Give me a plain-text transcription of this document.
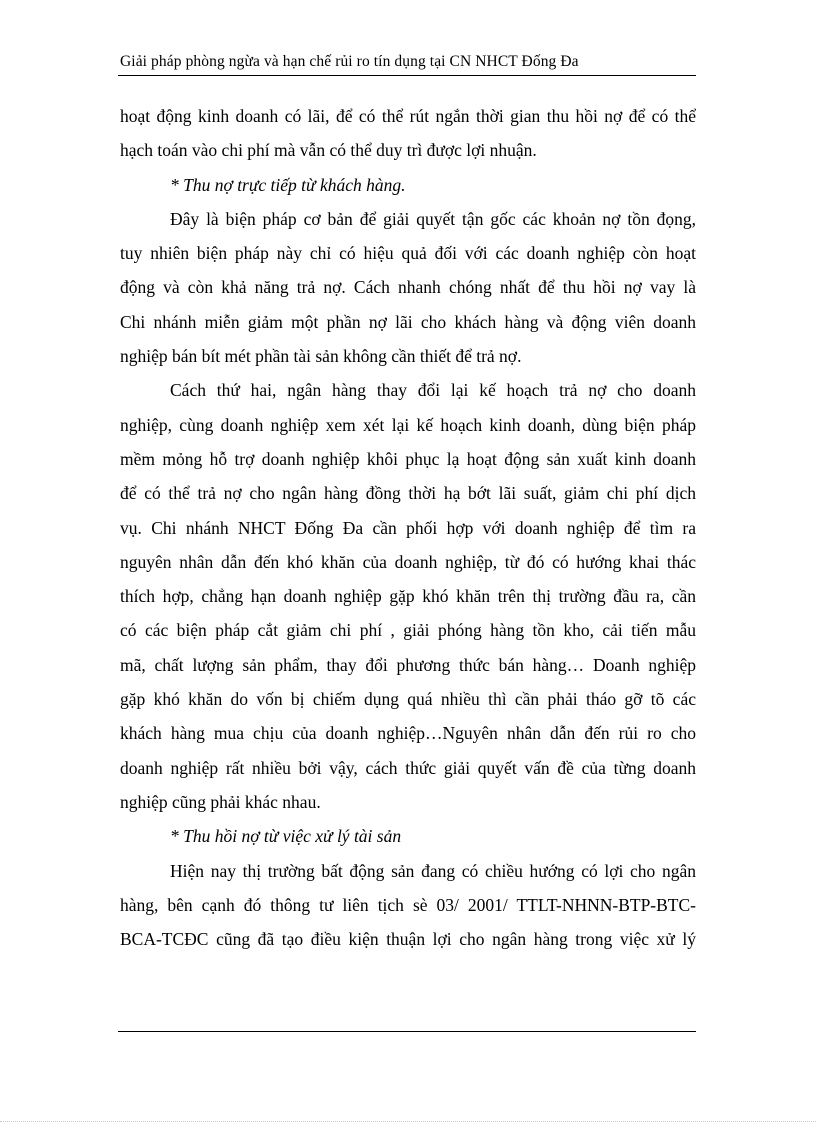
Giải pháp phòng ngừa và hạn chế rủi ro tín dụng tại CN NHCT Đống Đa
hoạt động kinh doanh có lãi, để có thể rút ngắn thời gian thu hồi nợ để có thể
hạch toán vào chi phí mà vẫn có thể duy trì được lợi nhuận.
* Thu nợ trực tiếp từ khách hàng.
Đây là biện pháp cơ bản để giải quyết tận gốc các khoản nợ tồn đọng,
tuy nhiên biện pháp này chỉ có hiệu quả đối với các doanh nghiệp còn hoạt
động và còn khả năng trả nợ. Cách nhanh chóng nhất để thu hồi nợ vay là
Chi nhánh miễn giảm một phần nợ lãi cho khách hàng và động viên doanh
nghiệp bán bít mét phần tài sản không cần thiết để trả nợ.
Cách thứ hai, ngân hàng thay đổi lại kế hoạch trả nợ cho doanh
nghiệp, cùng doanh nghiệp xem xét lại kế hoạch kinh doanh, dùng biện pháp
mềm mỏng hỗ trợ doanh nghiệp khôi phục lạ hoạt động sản xuất kinh doanh
để có thể trả nợ cho ngân hàng đồng thời hạ bớt lãi suất, giảm chi phí dịch
vụ. Chi nhánh NHCT Đống Đa cần phối hợp với doanh nghiệp để tìm ra
nguyên nhân dẫn đến khó khăn của doanh nghiệp, từ đó có hướng khai thác
thích hợp, chẳng hạn doanh nghiệp gặp khó khăn trên thị trường đầu ra, cần
có các biện pháp cắt giảm chi phí , giải phóng hàng tồn kho, cải tiến mẫu
mã, chất lượng sản phẩm, thay đổi phương thức bán hàng… Doanh nghiệp
gặp khó khăn do vốn bị chiếm dụng quá nhiều thì cần phải tháo gỡ tõ các
khách hàng mua chịu của doanh nghiệp…Nguyên nhân dẫn đến rủi ro cho
doanh nghiệp rất nhiều bởi vậy, cách thức giải quyết vấn đề của từng doanh
nghiệp cũng phải khác nhau.
* Thu hồi nợ từ việc xử lý tài sản
Hiện nay thị trường bất động sản đang có chiều hướng có lợi cho ngân
hàng, bên cạnh đó thông tư liên tịch sè 03/ 2001/ TTLT-NHNN-BTP-BTC-
BCA-TCĐC cũng đã tạo điều kiện thuận lợi cho ngân hàng trong việc xử lý
